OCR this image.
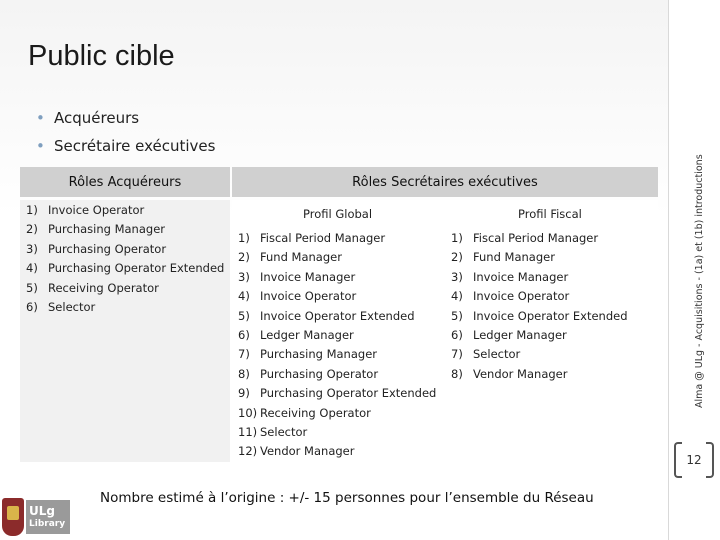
Alma @ ULg - Acquisitions - (1a) et (1b) introductions
12
Public cible
• Acquéreurs
• Secrétaire exécutives
Rôles Acquéreurs	Rôles Secrétaires exécutives
1) Invoice Operator
2) Purchasing Manager
3) Purchasing Operator
4) Purchasing Operator Extended
5) Receiving Operator
6) Selector
Profil Global
1) Fiscal Period Manager
2) Fund Manager
3) Invoice Manager
4) Invoice Operator
5) Invoice Operator Extended
6) Ledger Manager
7) Purchasing Manager
8) Purchasing Operator
9) Purchasing Operator Extended
10) Receiving Operator
11) Selector
12) Vendor Manager
Profil Fiscal
1) Fiscal Period Manager
2) Fund Manager
3) Invoice Manager
4) Invoice Operator
5) Invoice Operator Extended
6) Ledger Manager
7) Selector
8) Vendor Manager
Nombre estimé à l’origine : +/- 15 personnes pour l’ensemble du Réseau
ULg
Library
